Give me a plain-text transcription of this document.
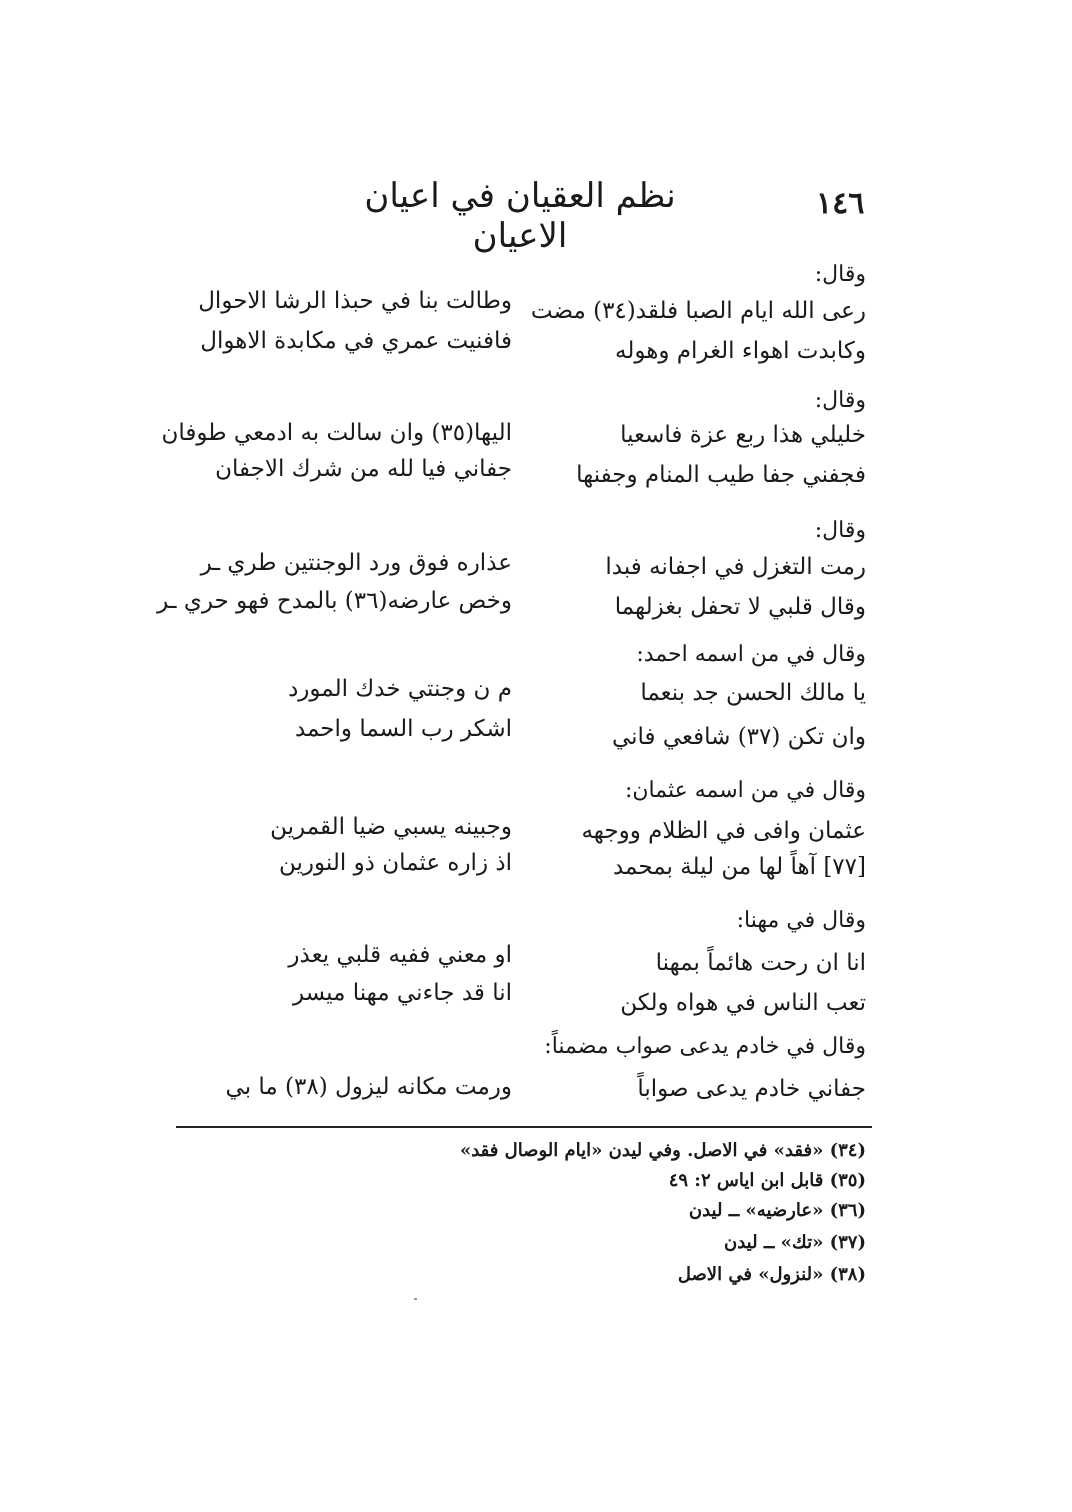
١٤٦
نظم العقيان في اعيان الاعيان
وقال:
رعى الله ايام الصبا فلقد(٣٤) مضت
وطالت بنا في حبذا الرشا الاحوال
وكابدت اهواء الغرام وهوله
فافنيت عمري في مكابدة الاهوال
وقال:
خليلي هذا ربع عزة فاسعيا
اليها(٣٥) وان سالت به ادمعي طوفان
فجفني جفا طيب المنام وجفنها
جفاني فيا لله من شرك الاجفان
وقال:
رمت التغزل في اجفانه فبدا
عذاره فوق ورد الوجنتين طري ـر
وقال قلبي لا تحفل بغزلهما
وخص عارضه(٣٦) بالمدح فهو حري ـر
وقال في من اسمه احمد:
يا مالك الحسن جد بنعما
م ن وجنتي خدك المورد
وان تكن (٣٧) شافعي فاني
اشكر رب السما واحمد
وقال في من اسمه عثمان:
عثمان وافى في الظلام ووجهه
وجبينه يسبي ضيا القمرين
[٧٧] آهاً لها من ليلة بمحمد
اذ زاره عثمان ذو النورين
وقال في مهنا:
انا ان رحت هائماً بمهنا
او معني ففيه قلبي يعذر
تعب الناس في هواه ولكن
انا قد جاءني مهنا ميسر
وقال في خادم يدعى صواب مضمناً:
جفاني خادم يدعى صواباً
ورمت مكانه ليزول (٣٨) ما بي
(٣٤) «فقد» في الاصل. وفي ليدن «ايام الوصال فقد»
(٣٥) قابل ابن اياس ٢: ٤٩
(٣٦) «عارضيه» ــ ليدن
(٣٧) «تك» ــ ليدن
(٣٨) «لنزول» في الاصل
